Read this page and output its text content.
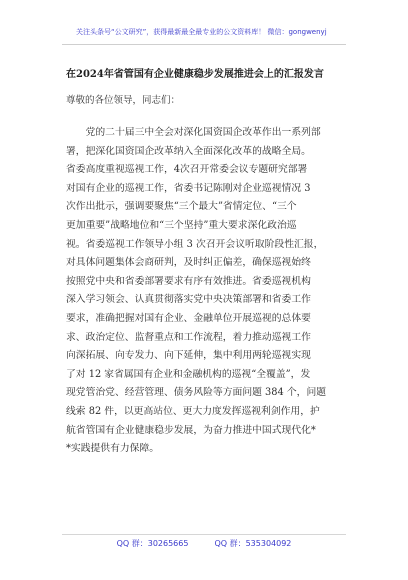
关注头条号“公文研究”，获得最新最全最专业的公文资料库！ 微信：gongwenyj
在2024年省管国有企业健康稳步发展推进会上的汇报发言
尊敬的各位领导，同志们：
　　党的二十届三中全会对深化国资国企改革作出一系列部
署，把深化国资国企改革纳入全面深化改革的战略全局。
省委高度重视巡视工作，4次召开常委会议专题研究部署
对国有企业的巡视工作，省委书记陈刚对企业巡视情况 3
次作出批示，强调要聚焦“三个最大”省情定位、“三个
更加重要”战略地位和“三个坚持”重大要求深化政治巡
视。省委巡视工作领导小组 3 次召开会议听取阶段性汇报，
对具体问题集体会商研判，及时纠正偏差，确保巡视始终
按照党中央和省委部署要求有序有效推进。省委巡视机构
深入学习领会、认真贯彻落实党中央决策部署和省委工作
要求，准确把握对国有企业、金融单位开展巡视的总体要
求、政治定位、监督重点和工作流程，着力推动巡视工作
向深拓展、向专发力、向下延伸，集中利用两轮巡视实现
了对 12 家省属国有企业和金融机构的巡视“全覆盖”，发
现党管治党、经营管理、债务风险等方面问题 384 个，问题
线索 82 件，以更高站位、更大力度发挥巡视利剑作用，护
航省管国有企业健康稳步发展，为奋力推进中国式现代化*
*实践提供有力保障。
QQ 群：30265665	QQ 群：535304092
